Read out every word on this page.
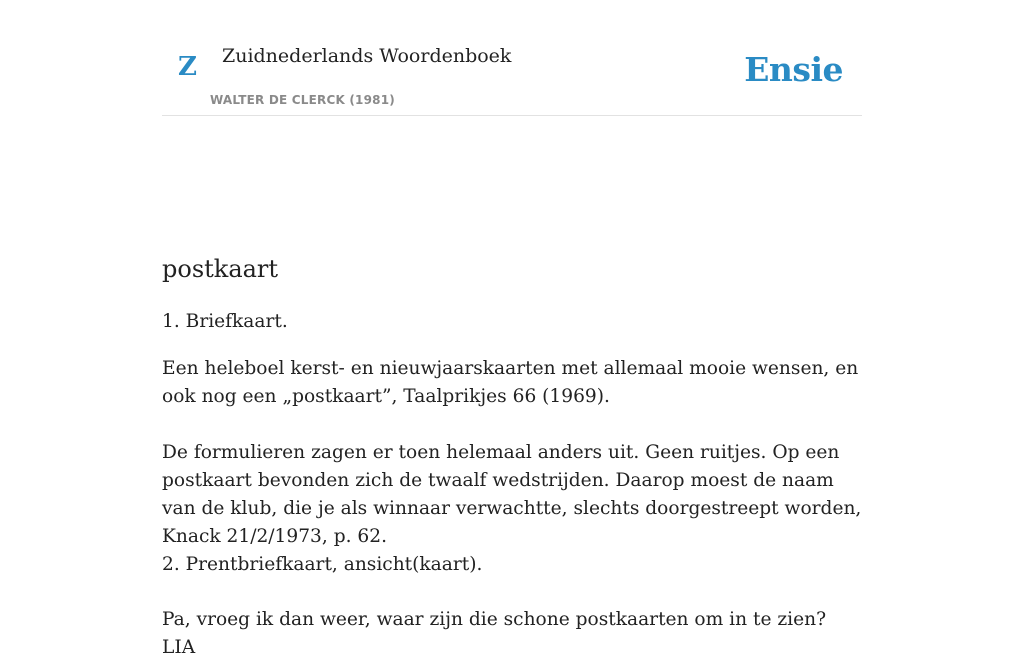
Z Zuidnederlands Woordenboek
WALTER DE CLERCK (1981)
Ensie
postkaart

1. Briefkaart.

Een heleboel kerst- en nieuwjaarskaarten met allemaal mooie wensen, en ook nog een „postkaart”, Taalprikjes 66 (1969).

De formulieren zagen er toen helemaal anders uit. Geen ruitjes. Op een postkaart bevonden zich de twaalf wedstrijden. Daarop moest de naam van de klub, die je als winnaar verwachtte, slechts doorgestreept worden, Knack 21/2/1973, p. 62.

2. Prentbriefkaart, ansicht(kaart).

Pa, vroeg ik dan weer, waar zijn die schone postkaarten om in te zien? LIA
